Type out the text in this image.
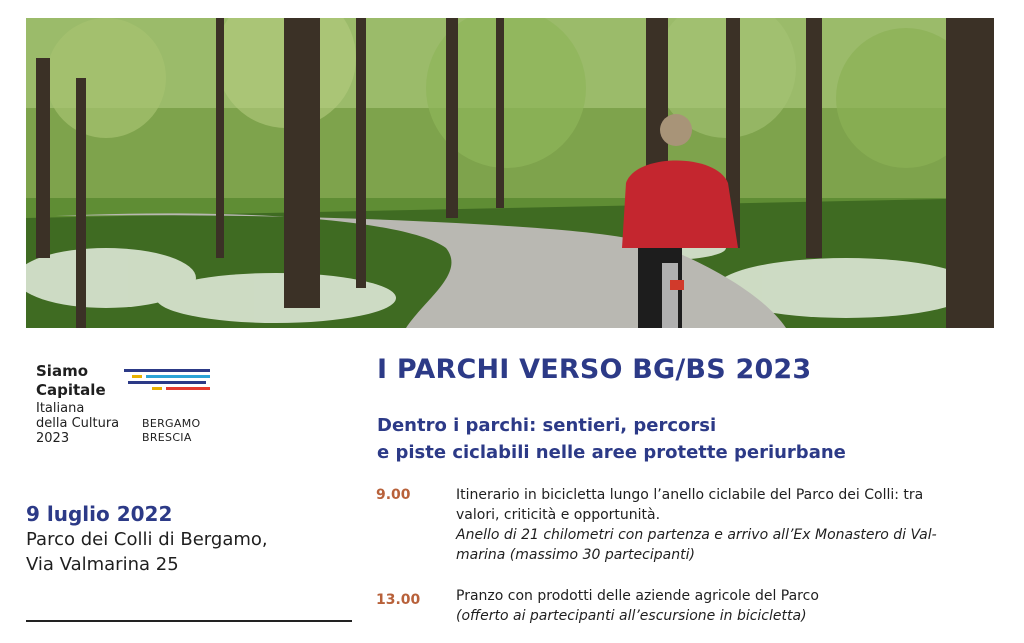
Siamo
Capitale
Italiana
della Cultura
2023
BERGAMO
BRESCIA
9 luglio 2022
Parco dei Colli di Bergamo,
Via Valmarina 25
I PARCHI VERSO BG/BS 2023
Dentro i parchi: sentieri, percorsi
e piste ciclabili nelle aree protette periurbane
9.00	Itinerario in bicicletta lungo l’anello ciclabile del Parco dei Colli: tra
valori, criticità e opportunità.
Anello di 21 chilometri con partenza e arrivo all’Ex Monastero di Val-
marina (massimo 30 partecipanti)
13.00	Pranzo con prodotti delle aziende agricole del Parco
(offerto ai partecipanti all’escursione in bicicletta)
